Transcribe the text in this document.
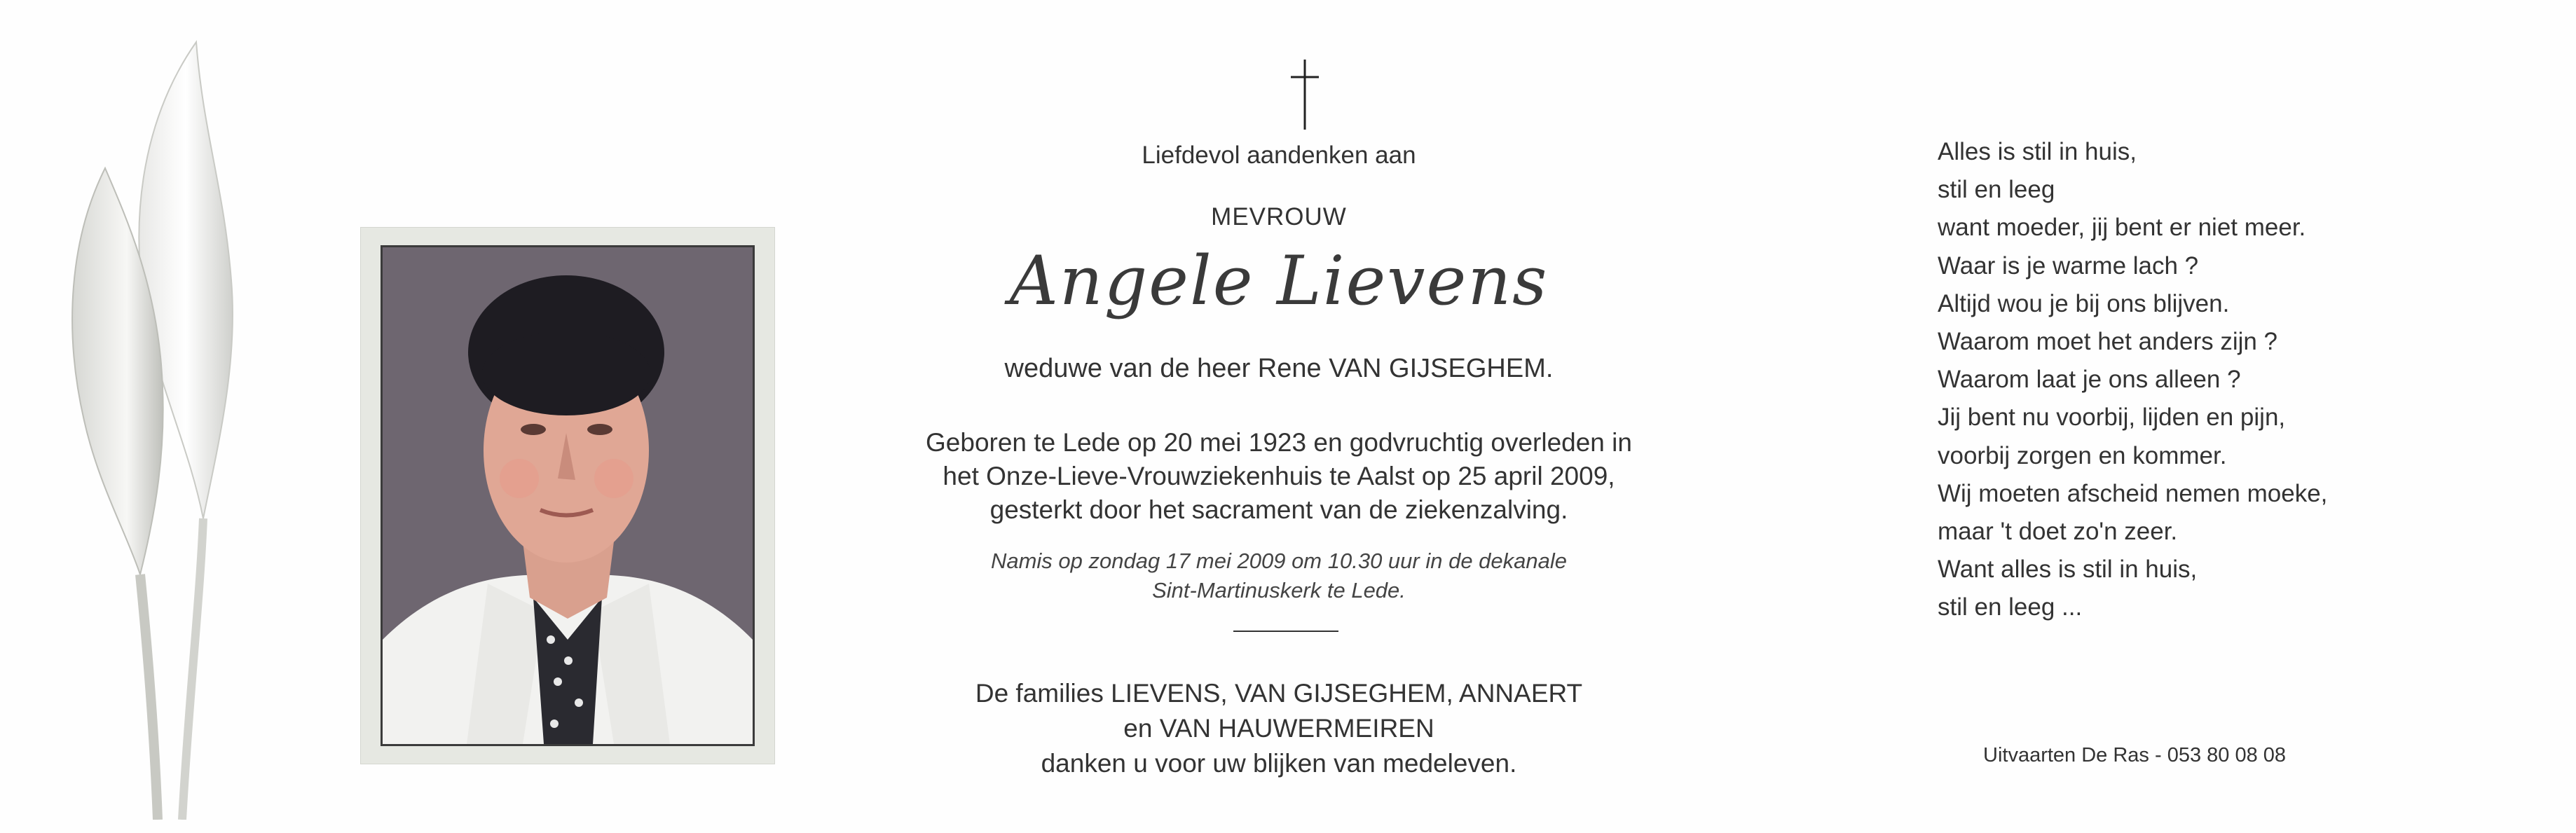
Liefdevol aandenken aan
MEVROUW
Angele Lievens
weduwe van de heer Rene VAN GIJSEGHEM.
Geboren te Lede op 20 mei 1923 en godvruchtig overleden in
het Onze-Lieve-Vrouwziekenhuis te Aalst op 25 april 2009,
gesterkt door het sacrament van de ziekenzalving.
Namis op zondag 17 mei 2009 om 10.30 uur in de dekanale
Sint-Martinuskerk te Lede.
De families LIEVENS, VAN GIJSEGHEM, ANNAERT
en VAN HAUWERMEIREN
danken u voor uw blijken van medeleven.
Alles is stil in huis,
stil en leeg
want moeder, jij bent er niet meer.
Waar is je warme lach ?
Altijd wou je bij ons blijven.
Waarom moet het anders zijn ?
Waarom laat je ons alleen ?
Jij bent nu voorbij, lijden en pijn,
voorbij zorgen en kommer.
Wij moeten afscheid nemen moeke,
maar 't doet zo'n zeer.
Want alles is stil in huis,
stil en leeg ...
Uitvaarten De Ras - 053 80 08 08
